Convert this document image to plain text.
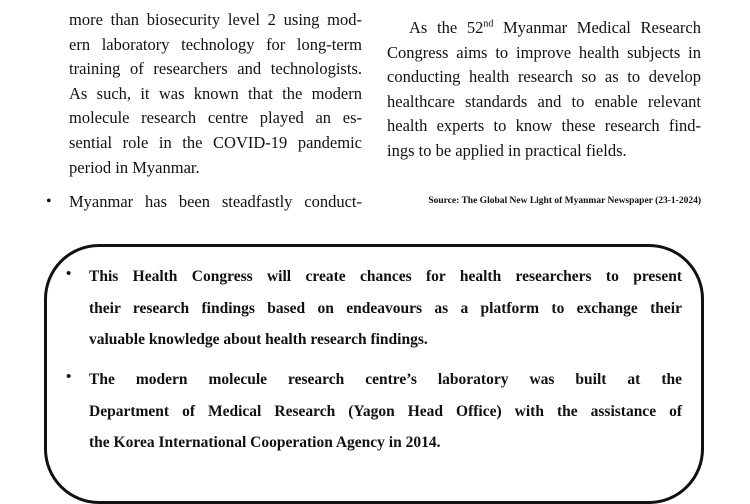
more than biosecurity level 2 using mod-
ern laboratory technology for long-term
training of researchers and technologists.
As such, it was known that the modern
molecule research centre played an es-
sential role in the COVID-19 pandemic
period in Myanmar.
• Myanmar has been steadfastly conduct-
As the 52nd Myanmar Medical Research
Congress aims to improve health subjects in
conducting health research so as to develop
healthcare standards and to enable relevant
health experts to know these research find-
ings to be applied in practical fields.
Source: The Global New Light of Myanmar Newspaper (23-1-2024)
• This Health Congress will create chances for health researchers to present
their research findings based on endeavours as a platform to exchange their
valuable knowledge about health research findings.
• The modern molecule research centre’s laboratory was built at the
Department of Medical Research (Yagon Head Office) with the assistance of
the Korea International Cooperation Agency in 2014.
